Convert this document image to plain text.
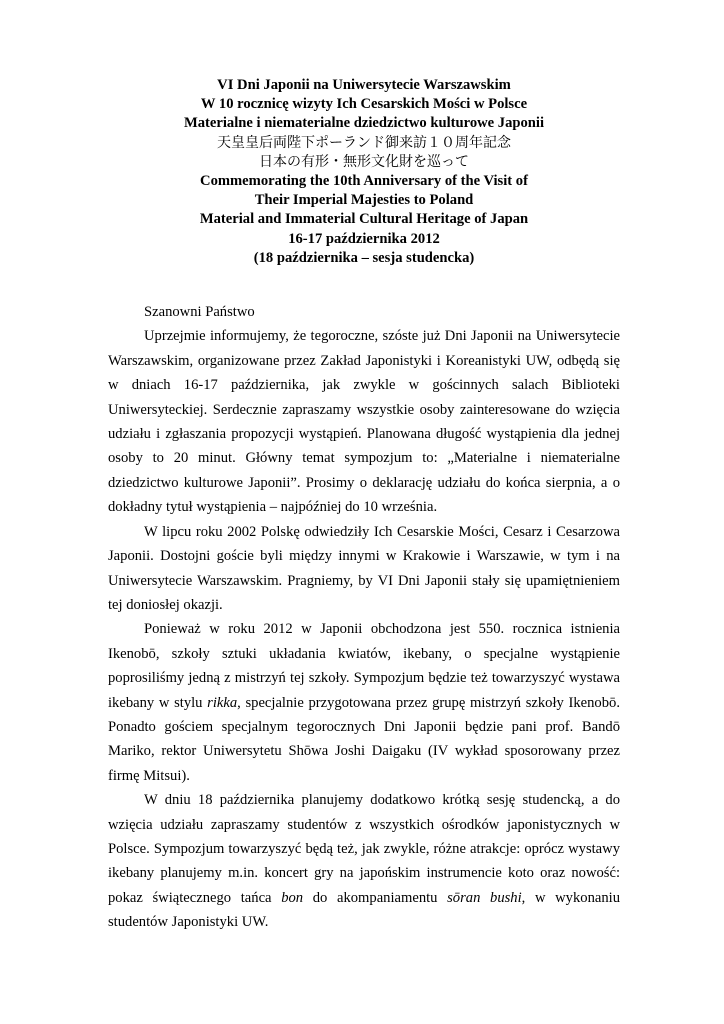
VI Dni Japonii na Uniwersytecie Warszawskim
W 10 rocznicę wizyty Ich Cesarskich Mości w Polsce
Materialne i niematerialne dziedzictwo kulturowe Japonii
天皇皇后両陛下ポーランド御来訪１０周年記念
日本の有形・無形文化財を巡って
Commemorating the 10th Anniversary of the Visit of
Their Imperial Majesties to Poland
Material and Immaterial Cultural Heritage of Japan
16-17 października 2012
(18 października – sesja studencka)

Szanowni Państwo

Uprzejmie informujemy, że tegoroczne, szóste już Dni Japonii na Uniwersytecie Warszawskim, organizowane przez Zakład Japonistyki i Koreanistyki UW, odbędą się w dniach 16-17 października, jak zwykle w gościnnych salach Biblioteki Uniwersyteckiej. Serdecznie zapraszamy wszystkie osoby zainteresowane do wzięcia udziału i zgłaszania propozycji wystąpień. Planowana długość wystąpienia dla jednej osoby to 20 minut. Główny temat sympozjum to: „Materialne i niematerialne dziedzictwo kulturowe Japonii”. Prosimy o deklarację udziału do końca sierpnia, a o dokładny tytuł wystąpienia – najpóźniej do 10 września.

W lipcu roku 2002 Polskę odwiedziły Ich Cesarskie Mości, Cesarz i Cesarzowa Japonii. Dostojni goście byli między innymi w Krakowie i Warszawie, w tym i na Uniwersytecie Warszawskim. Pragniemy, by VI Dni Japonii stały się upamiętnieniem tej doniosłej okazji.

Ponieważ w roku 2012 w Japonii obchodzona jest 550. rocznica istnienia Ikenobō, szkoły sztuki układania kwiatów, ikebany, o specjalne wystąpienie poprosiliśmy jedną z mistrzyń tej szkoły. Sympozjum będzie też towarzyszyć wystawa ikebany w stylu rikka, specjalnie przygotowana przez grupę mistrzyń szkoły Ikenobō. Ponadto gościem specjalnym tegorocznych Dni Japonii będzie pani prof. Bandō Mariko, rektor Uniwersytetu Shōwa Joshi Daigaku (IV wykład sposorowany przez firmę Mitsui).

W dniu 18 października planujemy dodatkowo krótką sesję studencką, a do wzięcia udziału zapraszamy studentów z wszystkich ośrodków japonistycznych w Polsce. Sympozjum towarzyszyć będą też, jak zwykle, różne atrakcje: oprócz wystawy ikebany planujemy m.in. koncert gry na japońskim instrumencie koto oraz nowość: pokaz świątecznego tańca bon do akompaniamentu sōran bushi, w wykonaniu studentów Japonistyki UW.
